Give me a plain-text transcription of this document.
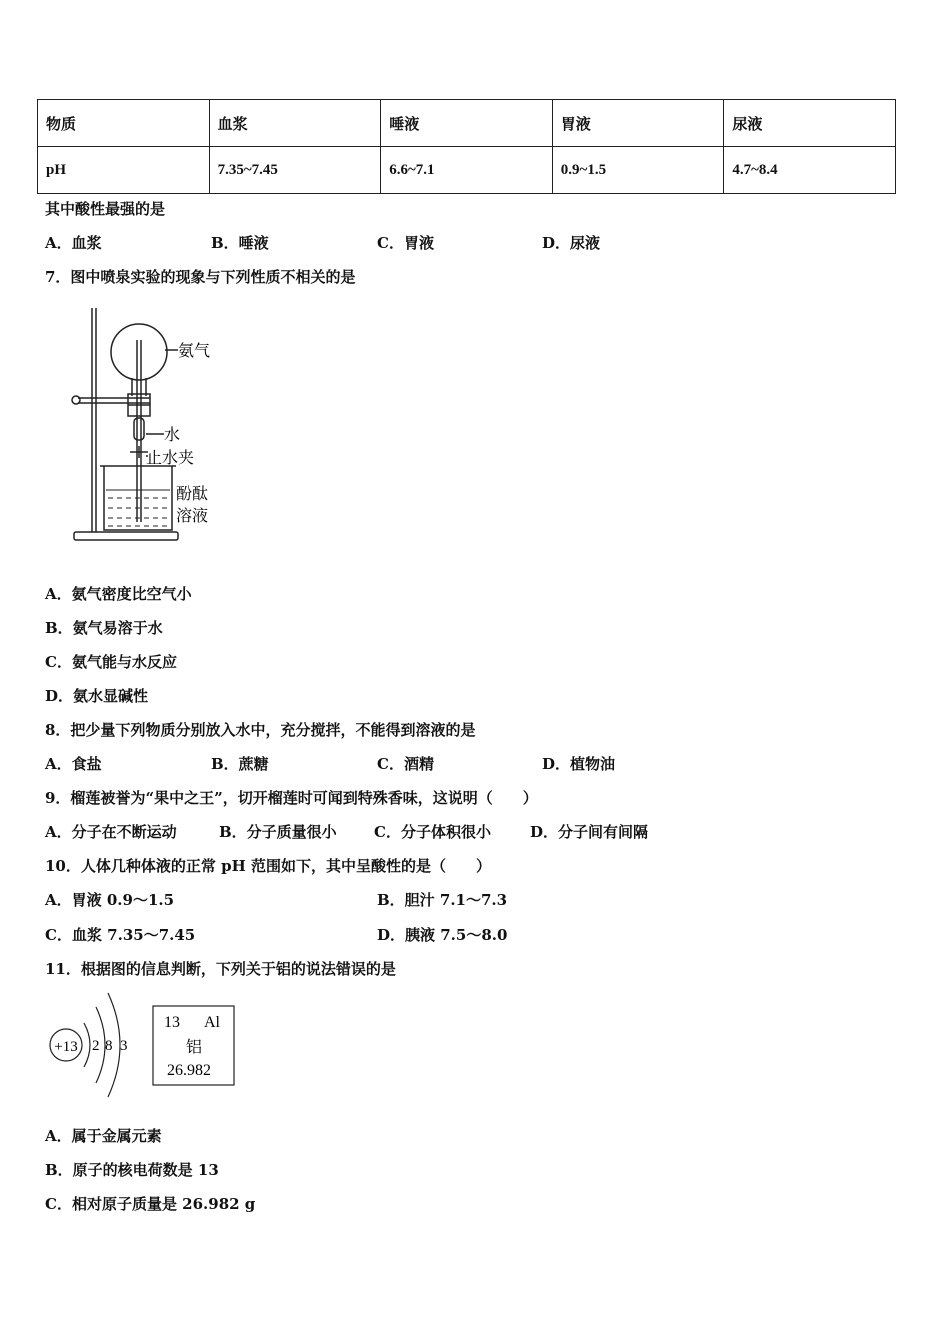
物质	血浆	唾液	胃液	尿液
pH	7.35~7.45	6.6~7.1	0.9~1.5	4.7~8.4
其中酸性最强的是
A．血浆	B．唾液	C．胃液	D．尿液
7．图中喷泉实验的现象与下列性质不相关的是
氨气
水
止水夹
酚酞
溶液
A．氨气密度比空气小
B．氨气易溶于水
C．氨气能与水反应
D．氨水显碱性
8．把少量下列物质分别放入水中，充分搅拌，不能得到溶液的是
A．食盐	B．蔗糖	C．酒精	D．植物油
9．榴莲被誉为“果中之王”，切开榴莲时可闻到特殊香味，这说明（　　）
A．分子在不断运动	B．分子质量很小 C．分子体积很小	D．分子间有间隔
10．人体几种体液的正常 pH 范围如下，其中呈酸性的是（　　）
A．胃液 0.9～1.5	B．胆汁 7.1～7.3
C．血浆 7.35～7.45	D．胰液 7.5～8.0
11．根据图的信息判断，下列关于铝的说法错误的是
+13 2 8 3
13 Al
铝
26.982
A．属于金属元素
B．原子的核电荷数是 13
C．相对原子质量是 26.982 g
